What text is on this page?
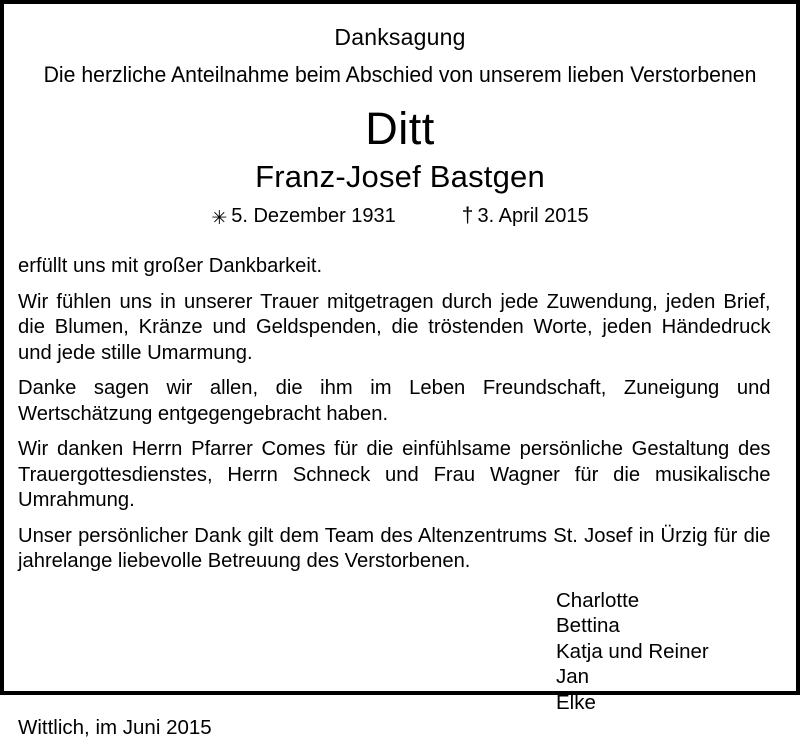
Danksagung
Die herzliche Anteilnahme beim Abschied von unserem lieben Verstorbenen
Ditt
Franz-Josef Bastgen
✳ 5. Dezember 1931	† 3. April 2015

erfüllt uns mit großer Dankbarkeit.

Wir fühlen uns in unserer Trauer mitgetragen durch jede Zuwendung, jeden Brief, die Blumen, Kränze und Geldspenden, die tröstenden Worte, jeden Händedruck und jede stille Umarmung.

Danke sagen wir allen, die ihm im Leben Freundschaft, Zuneigung und Wertschätzung entgegengebracht haben.

Wir danken Herrn Pfarrer Comes für die einfühlsame persönliche Gestaltung des Trauergottesdienstes, Herrn Schneck und Frau Wagner für die musikalische Umrahmung.

Unser persönlicher Dank gilt dem Team des Altenzentrums St. Josef in Ürzig für die jahrelange liebevolle Betreuung des Verstorbenen.

Charlotte
Bettina
Katja und Reiner
Jan
Elke
Wittlich, im Juni 2015
